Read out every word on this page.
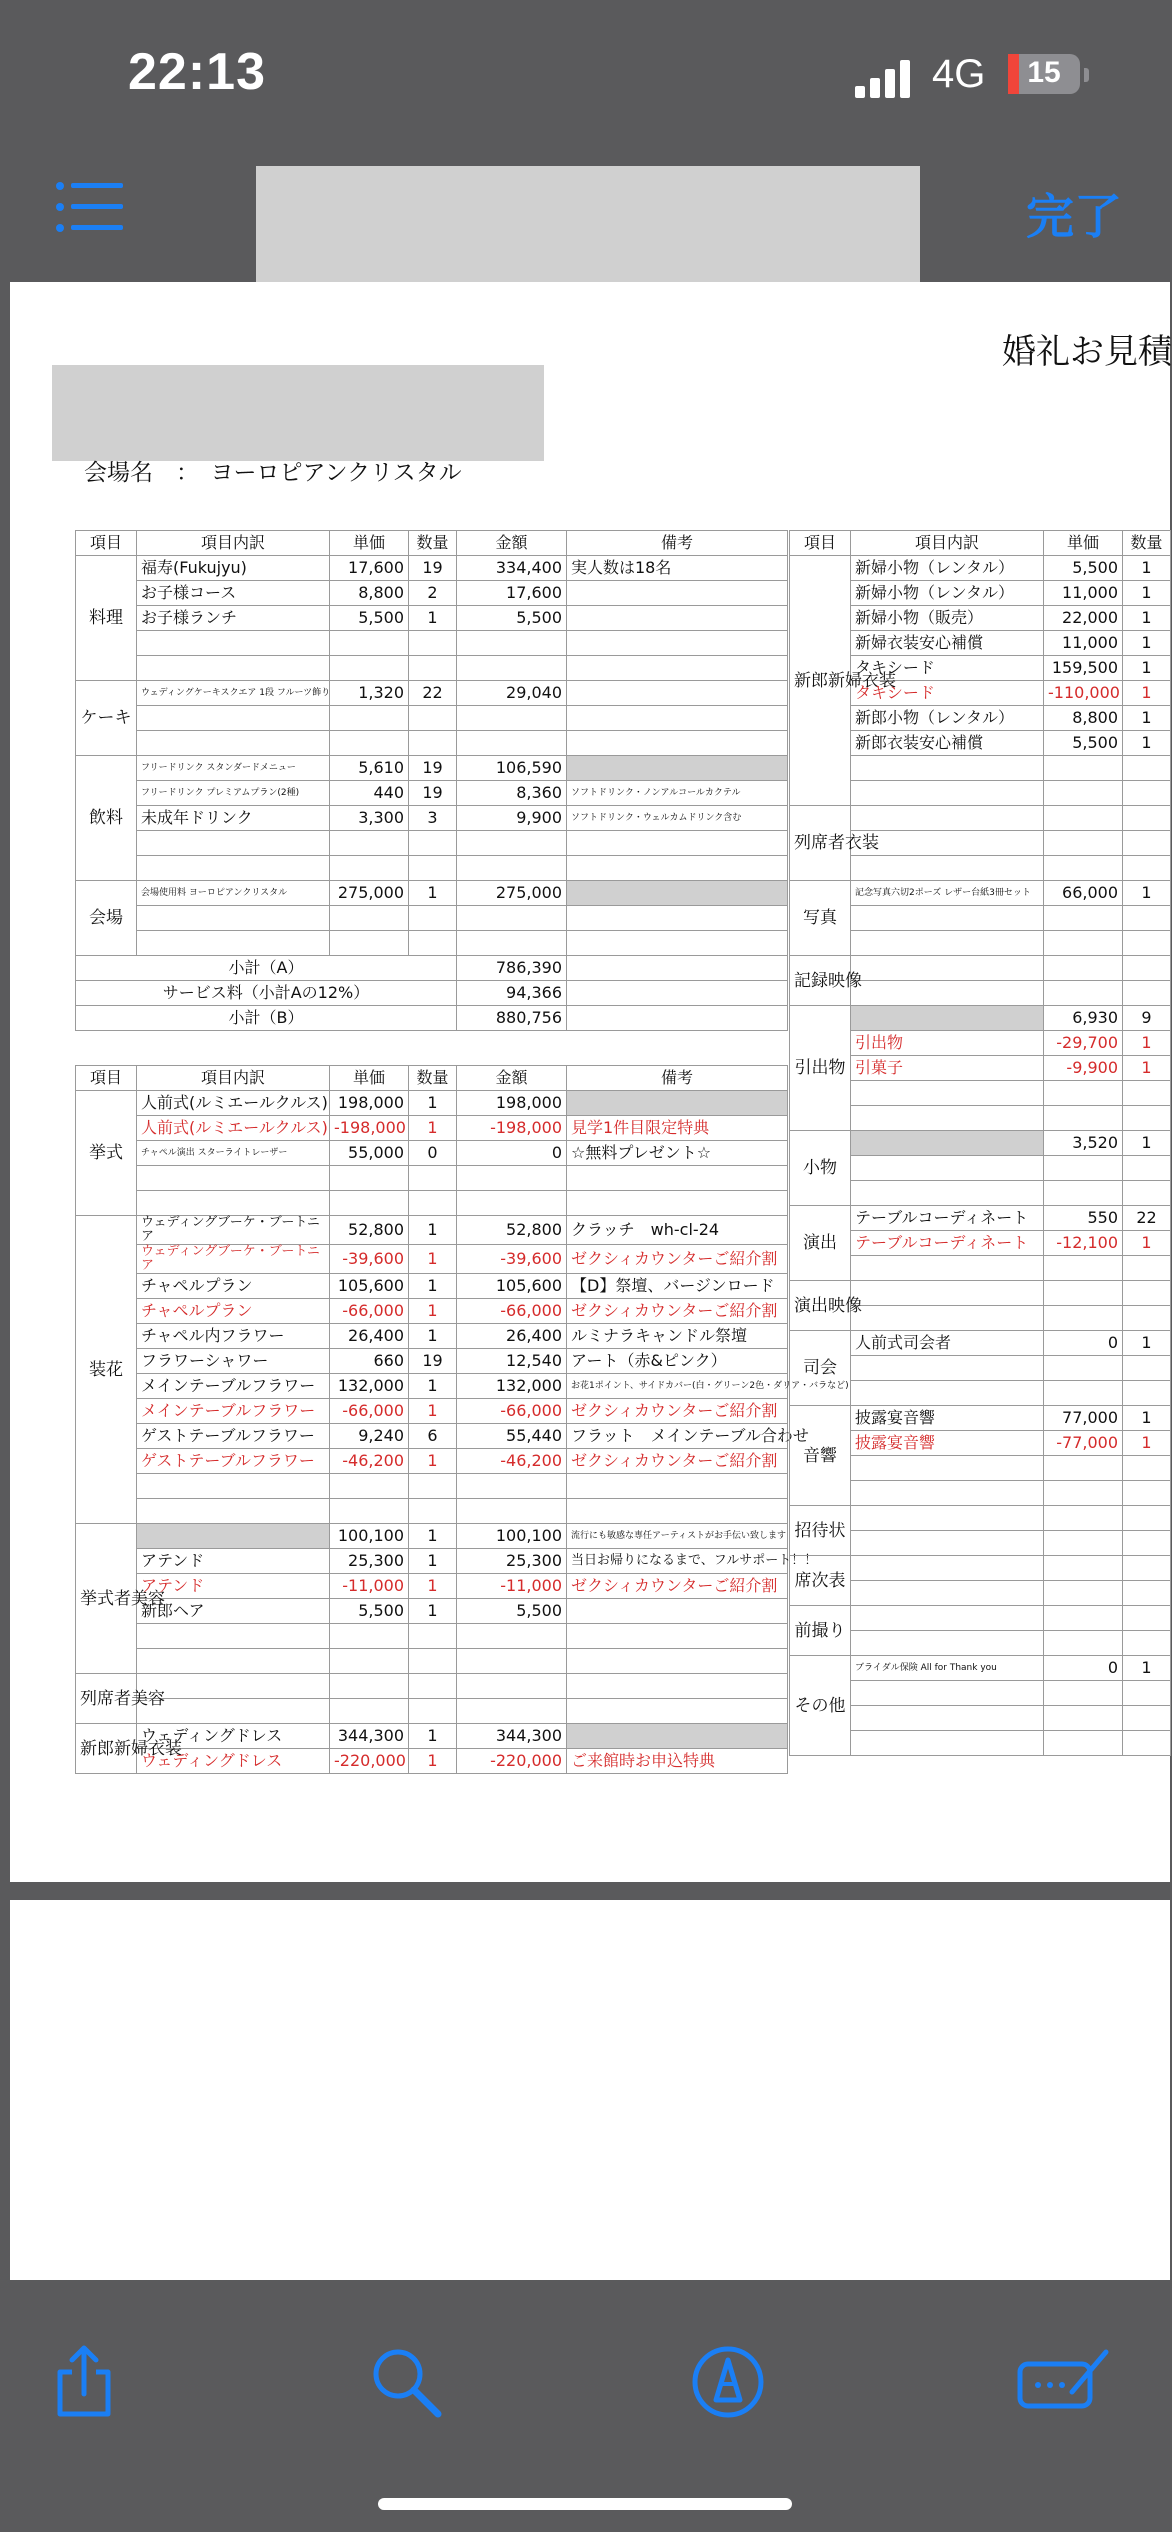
22:13	4G	15
完了
婚礼お見積
会場名　：　ヨーロピアンクリスタル
項目	項目内訳	単価	数量	金額	備考
料理	福寿(Fukujyu)	17,600	19	334,400	実人数は18名
	お子様コース	8,800	2	17,600	
	お子様ランチ	5,500	1	5,500	

ケーキ	ウェディングケーキスクエア 1段 フルーツ飾り	1,320	22	29,040	

飲料	フリードリンク スタンダードメニュー	5,610	19	106,590	
	フリードリンク プレミアムプラン(2種)	440	19	8,360	ソフトドリンク・ノンアルコールカクテル
	未成年ドリンク	3,300	3	9,900	ソフトドリンク・ウェルカムドリンク含む

会場	会場使用料 ヨーロピアンクリスタル	275,000	1	275,000	

小計（A）				786,390	
サービス料（小計Aの12%）				94,366	
小計（B）				880,756	
項目	項目内訳	単価	数量	金額	備考
挙式	人前式(ルミエールクルス)	198,000	1	198,000	
	人前式(ルミエールクルス)	-198,000	1	-198,000	見学1件目限定特典
	チャペル演出 スターライトレーザー	55,000	0	0	☆無料プレゼント☆

装花	ウェディングブーケ・ブートニア	52,800	1	52,800	クラッチ　wh-cl-24
	ウェディングブーケ・ブートニア	-39,600	1	-39,600	ゼクシィカウンターご紹介割
	チャペルプラン	105,600	1	105,600	【D】祭壇、バージンロード
	チャペルプラン	-66,000	1	-66,000	ゼクシィカウンターご紹介割
	チャペル内フラワー	26,400	1	26,400	ルミナラキャンドル祭壇
	フラワーシャワー	660	19	12,540	アート（赤&ピンク）
	メインテーブルフラワー	132,000	1	132,000	お花1ポイント、サイドカバー(白・グリーン2色・ダリア・バラなど)
	メインテーブルフラワー	-66,000	1	-66,000	ゼクシィカウンターご紹介割
	ゲストテーブルフラワー	9,240	6	55,440	フラット　メインテーブル合わせ
	ゲストテーブルフラワー	-46,200	1	-46,200	ゼクシィカウンターご紹介割

挙式者美容		100,100	1	100,100	流行にも敏感な専任アーティストがお手伝い致します
	アテンド	25,300	1	25,300	当日お帰りになるまで、フルサポート！！
	アテンド	-11,000	1	-11,000	ゼクシィカウンターご紹介割
	新郎ヘア	5,500	1	5,500	

列席者美容					

新郎新婦衣装	ウェディングドレス	344,300	1	344,300	
	ウェディングドレス	-220,000	1	-220,000	ご来館時お申込特典
項目	項目内訳	単価	数量
新郎新婦衣装	新婦小物（レンタル）	5,500	1
	新婦小物（レンタル）	11,000	1
	新婦小物（販売）	22,000	1
	新婦衣装安心補償	11,000	1
	タキシード	159,500	1
	タキシード	-110,000	1
	新郎小物（レンタル）	8,800	1
	新郎衣装安心補償	5,500	1

列席者衣装			

写真	記念写真六切2ポーズ レザー台紙3冊セット	66,000	1

記録映像			

引出物		6,930	9
	引出物	-29,700	1
	引菓子	-9,900	1

小物		3,520	1

演出	テーブルコーディネート	550	22
	テーブルコーディネート	-12,100	1

演出映像			

司会	人前式司会者	0	1

音響	披露宴音響	77,000	1
	披露宴音響	-77,000	1

招待状			

席次表			

前撮り			

その他	ブライダル保険 All for Thank you	0	1
